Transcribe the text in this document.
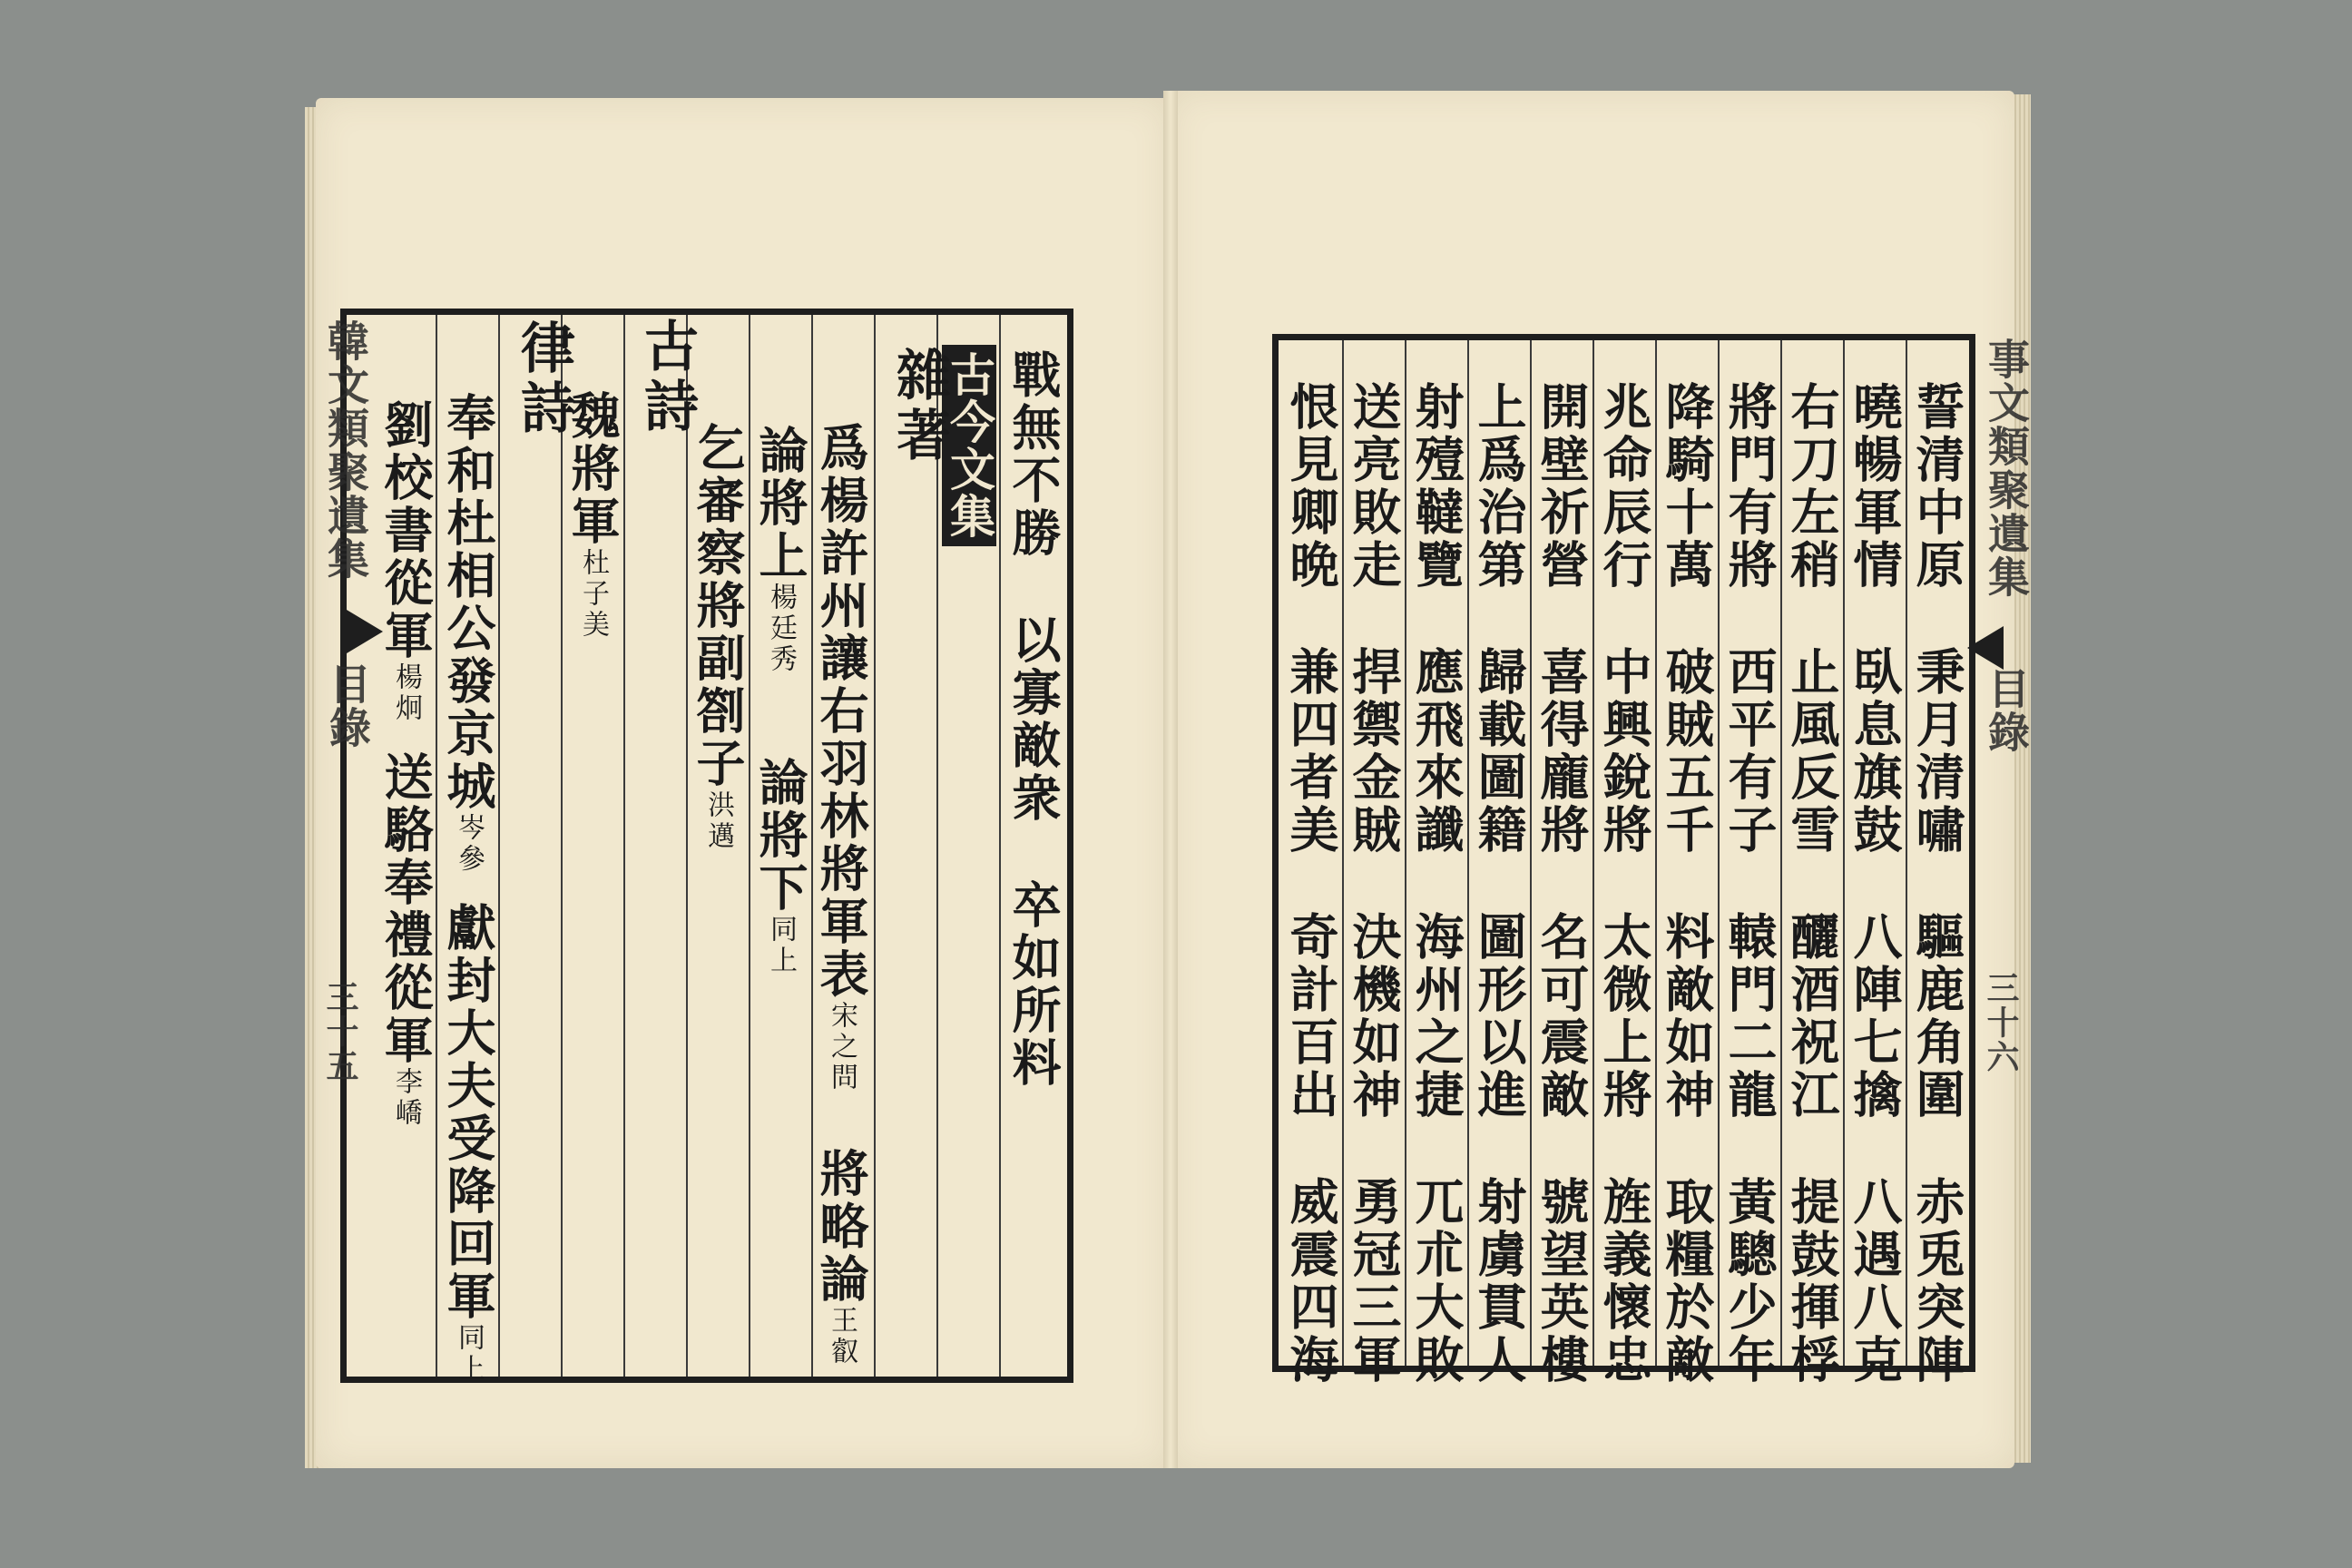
韓文類聚遺集
目錄
三十五
戰無不勝以寡敵衆卒如所料
古今文集
雜著
爲楊許州讓右羽林將軍表宋之問將略論王叡
論將上楊廷秀論將下同上
乞審察將副劄子洪邁
古詩
魏將軍杜子美
律詩
奉和杜相公發京城岑參獻封大夫受降回軍同上
劉校書從軍楊炯送駱奉禮從軍李嶠
事文類聚遺集
目錄
三十六
誓清中原秉月清嘯驅鹿角圍赤兎突陣
曉暢軍情臥息旗鼓八陣七擒八遇八克
右刀左稍止風反雪釃酒祝江提鼓揮桴
將門有將西平有子轅門二龍黃驄少年
降騎十萬破賊五千料敵如神取糧於敵
兆命辰行中興銳將太微上將旌義懷忠
開壁祈營喜得龐將名可震敵號望英樓
上爲治第歸載圖籍圖形以進射虜貫人
射殪韃覽應飛來讖海州之捷兀朮大敗
送亮敗走捍禦金賊決機如神勇冠三軍
恨見卿晩兼四者美奇計百出威震四海
